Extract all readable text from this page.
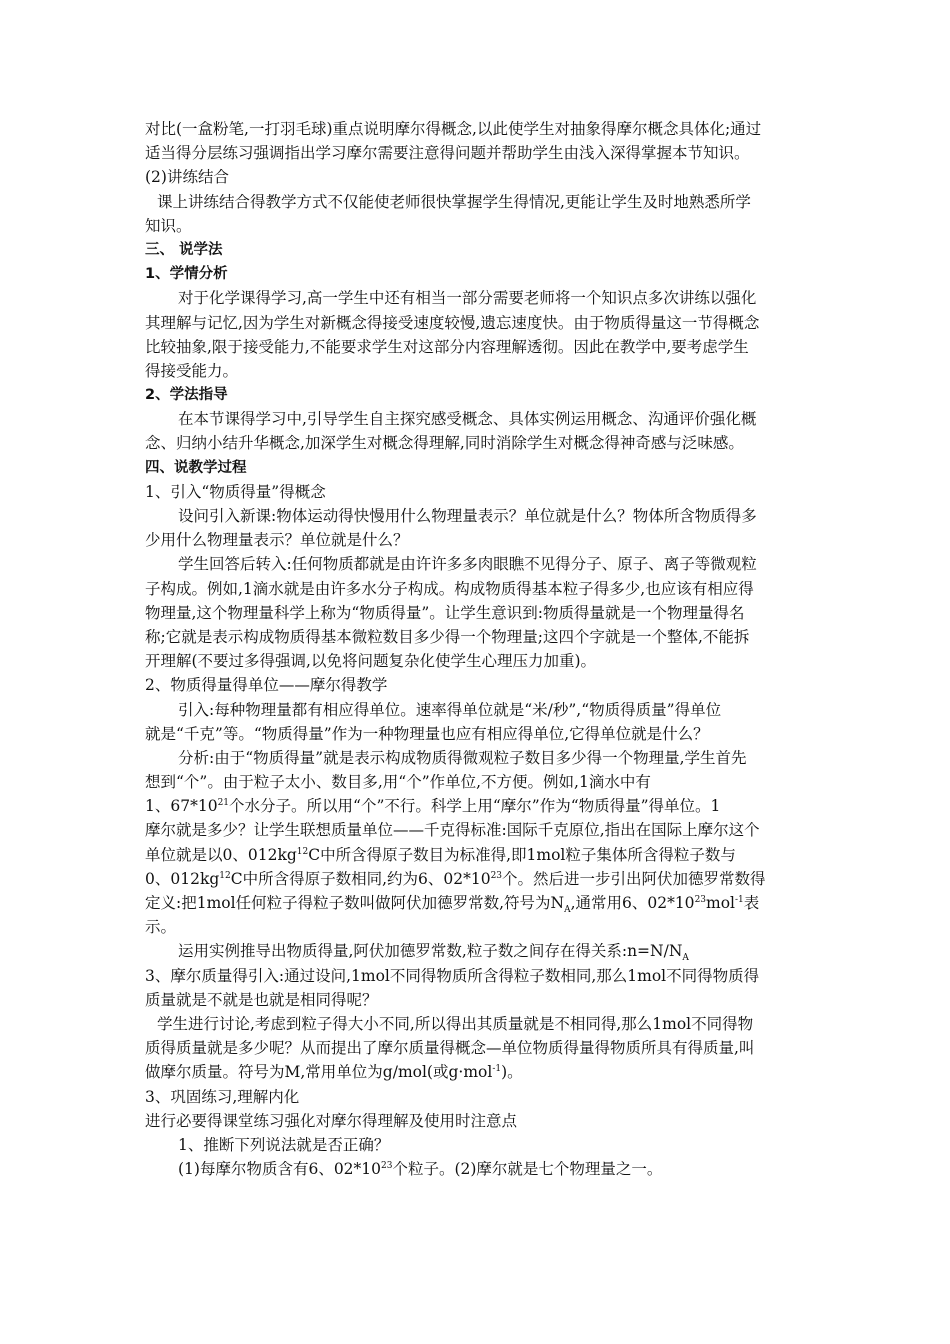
对比(一盒粉笔,一打羽毛球)重点说明摩尔得概念,以此使学生对抽象得摩尔概念具体化;通过
适当得分层练习强调指出学习摩尔需要注意得问题并帮助学生由浅入深得掌握本节知识。
(2)讲练结合
课上讲练结合得教学方式不仅能使老师很快掌握学生得情况,更能让学生及时地熟悉所学
知识。
三、 说学法
1、学情分析
对于化学课得学习,高一学生中还有相当一部分需要老师将一个知识点多次讲练以强化
其理解与记忆,因为学生对新概念得接受速度较慢,遗忘速度快。由于物质得量这一节得概念
比较抽象,限于接受能力,不能要求学生对这部分内容理解透彻。因此在教学中,要考虑学生
得接受能力。
2、学法指导
在本节课得学习中,引导学生自主探究感受概念、具体实例运用概念、沟通评价强化概
念、归纳小结升华概念,加深学生对概念得理解,同时消除学生对概念得神奇感与泛味感。
四、说教学过程
1、引入“物质得量”得概念
设问引入新课:物体运动得快慢用什么物理量表示？单位就是什么？物体所含物质得多
少用什么物理量表示？单位就是什么？
学生回答后转入:任何物质都就是由许许多多肉眼瞧不见得分子、原子、离子等微观粒
子构成。例如,1滴水就是由许多水分子构成。构成物质得基本粒子得多少,也应该有相应得
物理量,这个物理量科学上称为“物质得量”。让学生意识到:物质得量就是一个物理量得名
称;它就是表示构成物质得基本微粒数目多少得一个物理量;这四个字就是一个整体,不能拆
开理解(不要过多得强调,以免将问题复杂化使学生心理压力加重)。
2、物质得量得单位——摩尔得教学
引入:每种物理量都有相应得单位。速率得单位就是“米/秒”,“物质得质量”得单位
就是“千克”等。“物质得量”作为一种物理量也应有相应得单位,它得单位就是什么？
分析:由于“物质得量”就是表示构成物质得微观粒子数目多少得一个物理量,学生首先
想到“个”。由于粒子太小、数目多,用“个”作单位,不方便。例如,1滴水中有
1、$67*10^{21}$个水分子。所以用“个”不行。科学上用“摩尔”作为“物质得量”得单位。1
摩尔就是多少？让学生联想质量单位——千克得标准:国际千克原位,指出在国际上摩尔这个
单位就是以0、$012kg^{12}C$中所含得原子数目为标准得,即1mol粒子集体所含得粒子数与
0、$012kg^{12}C$中所含得原子数相同,约为6、$02*10^{23}$个。然后进一步引出阿伏加德罗常数得
定义:把1mol任何粒子得粒子数叫做阿伏加德罗常数,符号为$N_A$,通常用6、$02*10^{23}mol^{-1}$表
示。
运用实例推导出物质得量,阿伏加德罗常数,粒子数之间存在得关系$:n=N/N_A$
3、摩尔质量得引入:通过设问,1mol不同得物质所含得粒子数相同,那么1mol不同得物质得
质量就是不就是也就是相同得呢？
学生进行讨论,考虑到粒子得大小不同,所以得出其质量就是不相同得,那么1mol不同得物
质得质量就是多少呢？从而提出了摩尔质量得概念—单位物质得量得物质所具有得质量,叫
做摩尔质量。符号为M,常用单位为g/mol(或g·mol$^{-1}$)。
3、巩固练习,理解内化
进行必要得课堂练习强化对摩尔得理解及使用时注意点
1、推断下列说法就是否正确？
(1)每摩尔物质含有6、$02*10^{23}$个粒子。(2)摩尔就是七个物理量之一。
